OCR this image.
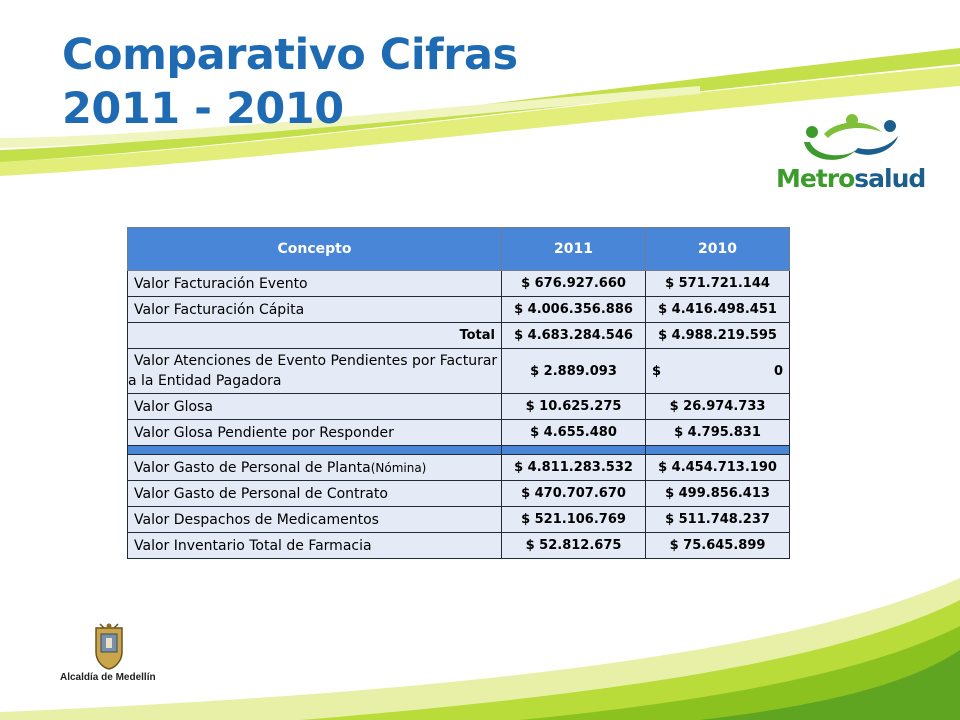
Comparativo Cifras
2011 - 2010
Metrosalud
Concepto	2011	2010
Valor Facturación Evento	$ 676.927.660	$ 571.721.144
Valor Facturación Cápita	$ 4.006.356.886	$ 4.416.498.451
Total	$ 4.683.284.546	$ 4.988.219.595
Valor Atenciones de Evento Pendientes por Facturar a la Entidad Pagadora	$ 2.889.093	$ 0

Valor Glosa	$ 10.625.275	$ 26.974.733
Valor Glosa Pendiente por Responder	$ 4.655.480	$ 4.795.831

Valor Gasto de Personal de Planta(Nómina)	$ 4.811.283.532	$ 4.454.713.190
Valor Gasto de Personal de Contrato	$ 470.707.670	$ 499.856.413
Valor Despachos de Medicamentos	$ 521.106.769	$ 511.748.237
Valor Inventario Total de Farmacia	$ 52.812.675	$ 75.645.899
Alcaldía de Medellín
